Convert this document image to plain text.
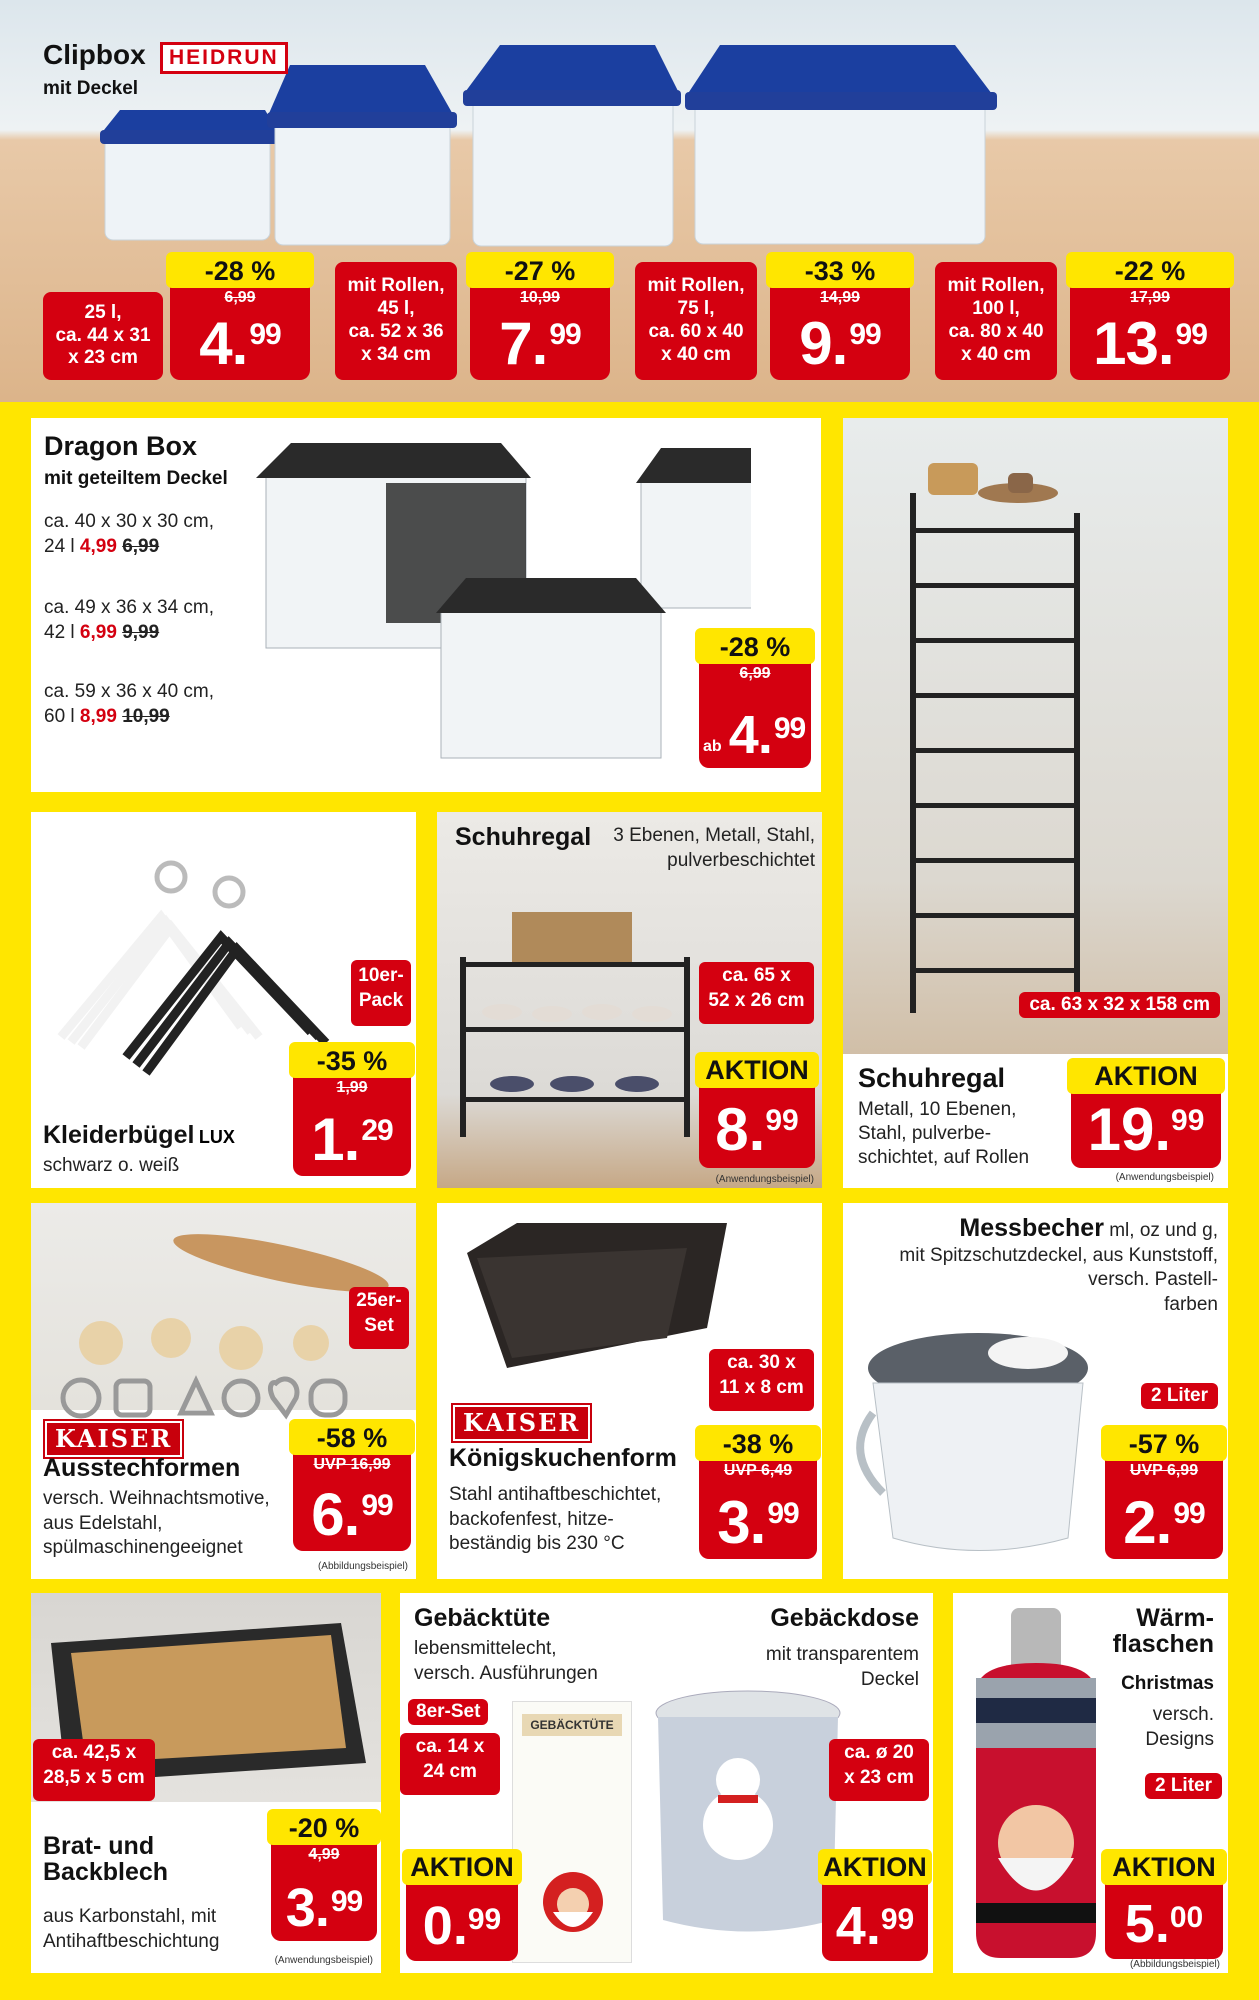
Clipbox	HEIDRUN
mit Deckel
25 l,
ca. 44 x 31
x 23 cm
-28 %
6,99
4.99
mit Rollen,
45 l,
ca. 52 x 36
x 34 cm
-27 %
10,99
7.99
mit Rollen,
75 l,
ca. 60 x 40
x 40 cm
-33 %
14,99
9.99
mit Rollen,
100 l,
ca. 80 x 40
x 40 cm
-22 %
17,99
13.99
Dragon Box
mit geteiltem Deckel
ca. 40 x 30 x 30 cm,
24 l 4,99 6,99
ca. 49 x 36 x 34 cm,
42 l 6,99 9,99
ca. 59 x 36 x 40 cm,
60 l 8,99 10,99
-28 %
6,99
ab 4.99
ca. 63 x 32 x 158 cm
Schuhregal
Metall, 10 Ebenen,
Stahl, pulverbe-
schichtet, auf Rollen
AKTION
19.99
(Anwendungsbeispiel)
10er-
Pack
Kleiderbügel LUX
schwarz o. weiß
-35 %
1,99
1.29
Schuhregal 3 Ebenen, Metall, Stahl,
pulverbeschichtet
ca. 65 x
52 x 26 cm
AKTION
8.99
(Anwendungsbeispiel)
25er-
Set
KAISER
Ausstechformen
versch. Weihnachtsmotive,
aus Edelstahl,
spülmaschinengeeignet
-58 %
UVP 16,99
6.99
(Abbildungsbeispiel)
ca. 30 x
11 x 8 cm
KAISER
Königskuchenform
Stahl antihaftbeschichtet,
backofenfest, hitze-
beständig bis 230 °C
-38 %
UVP 6,49
3.99
Messbecher ml, oz und g,
mit Spitzschutzdeckel, aus Kunststoff,
versch. Pastell-
farben
2 Liter
-57 %
UVP 6,99
2.99
ca. 42,5 x
28,5 x 5 cm
Brat- und
Backblech
aus Karbonstahl, mit
Antihaftbeschichtung
-20 %
4,99
3.99
(Anwendungsbeispiel)
Gebäcktüte
lebensmittelecht,
versch. Ausführungen
8er-Set
ca. 14 x
24 cm
GEBÄCKTÜTE
AKTION
0.99
Gebäckdose
mit transparentem
Deckel
ca. ø 20
x 23 cm
AKTION
4.99
Wärm-
flaschen
Christmas
versch.
Designs
2 Liter
AKTION
5.00
(Abbildungsbeispiel)
